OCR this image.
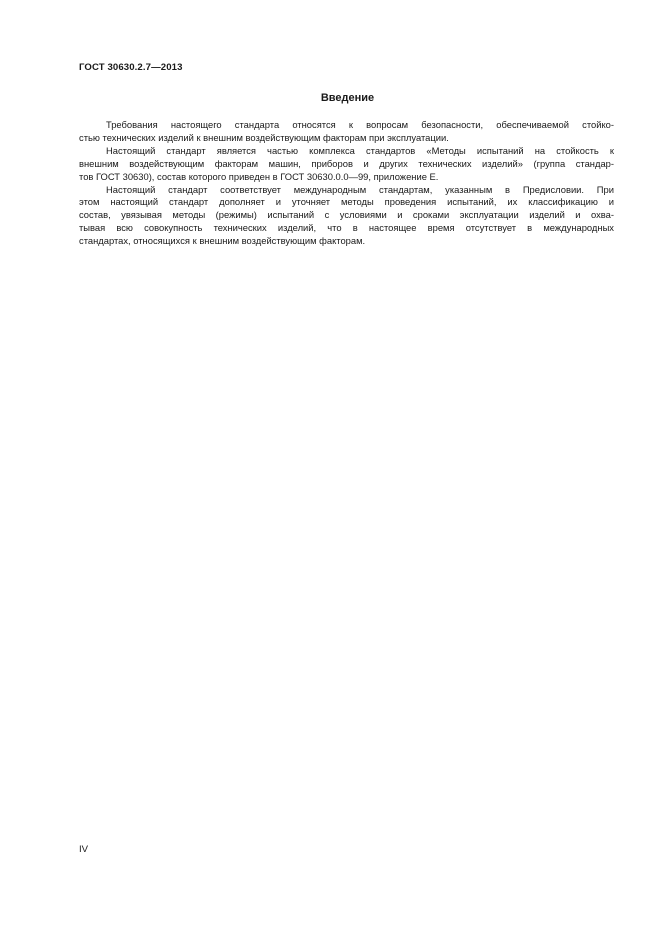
ГОСТ 30630.2.7—2013
Введение

Требования настоящего стандарта относятся к вопросам безопасности, обеспечиваемой стойко-
стью технических изделий к внешним воздействующим факторам при эксплуатации.

Настоящий стандарт является частью комплекса стандартов «Методы испытаний на стойкость к
внешним воздействующим факторам машин, приборов и других технических изделий» (группа стандар-
тов ГОСТ 30630), состав которого приведен в ГОСТ 30630.0.0—99, приложение Е.

Настоящий стандарт соответствует международным стандартам, указанным в Предисловии. При
этом настоящий стандарт дополняет и уточняет методы проведения испытаний, их классификацию и
состав, увязывая методы (режимы) испытаний с условиями и сроками эксплуатации изделий и охва-
тывая всю совокупность технических изделий, что в настоящее время отсутствует в международных
стандартах, относящихся к внешним воздействующим факторам.

IV
